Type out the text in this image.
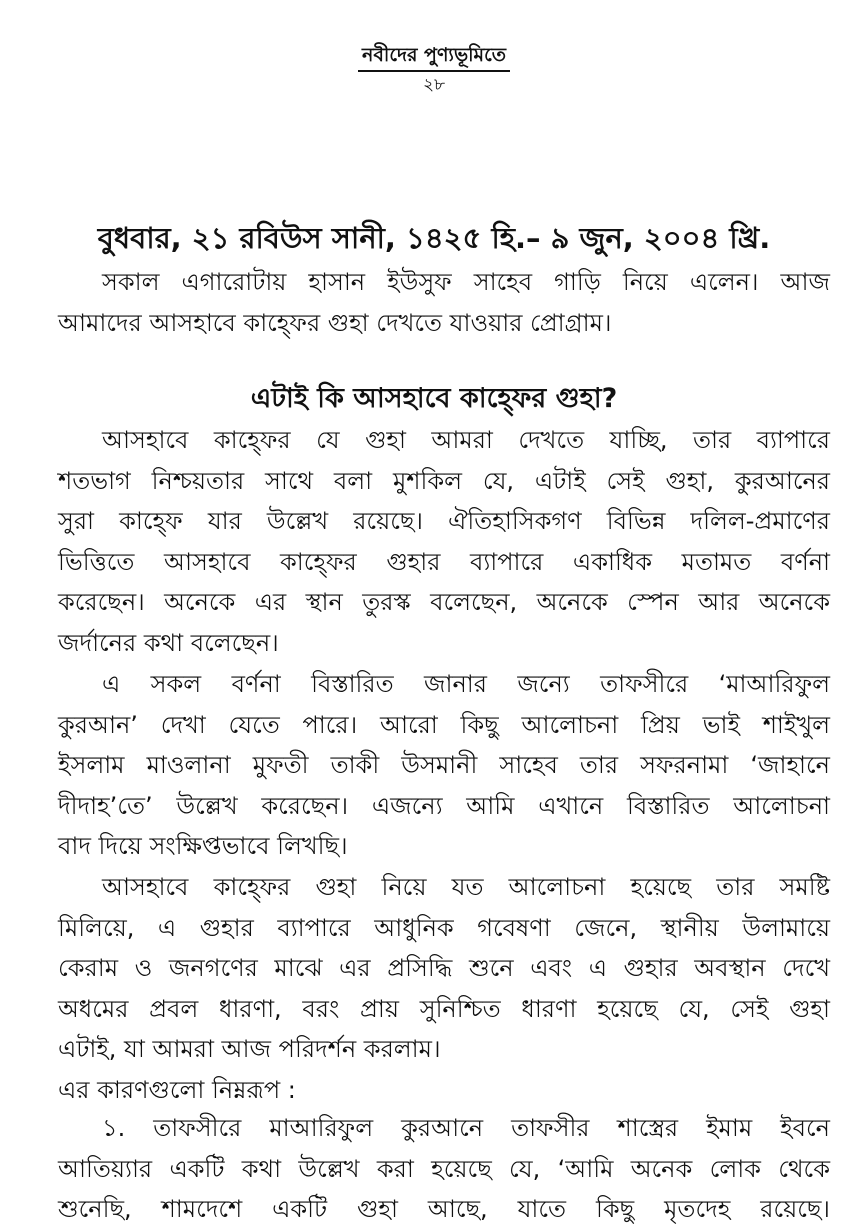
নবীদের পুণ্যভূমিতে
২৮
বুধবার, ২১ রবিউস সানী, ১৪২৫ হি.– ৯ জুন, ২০০৪ খ্রি.
সকাল এগারোটায় হাসান ইউসুফ সাহেব গাড়ি নিয়ে এলেন। আজ
আমাদের আসহাবে কাহ্ফের গুহা দেখতে যাওয়ার প্রোগ্রাম।
এটাই কি আসহাবে কাহ্ফের গুহা?
আসহাবে কাহ্ফের যে গুহা আমরা দেখতে যাচ্ছি, তার ব্যাপারে
শতভাগ নিশ্চয়তার সাথে বলা মুশকিল যে, এটাই সেই গুহা, কুরআনের
সুরা কাহ্ফে যার উল্লেখ রয়েছে। ঐতিহাসিকগণ বিভিন্ন দলিল-প্রমাণের
ভিত্তিতে আসহাবে কাহ্ফের গুহার ব্যাপারে একাধিক মতামত বর্ণনা
করেছেন। অনেকে এর স্থান তুরস্ক বলেছেন, অনেকে স্পেন আর অনেকে
জর্দানের কথা বলেছেন।
এ সকল বর্ণনা বিস্তারিত জানার জন্যে তাফসীরে ‘মাআরিফুল
কুরআন’ দেখা যেতে পারে। আরো কিছু আলোচনা প্রিয় ভাই শাইখুল
ইসলাম মাওলানা মুফতী তাকী উসমানী সাহেব তার সফরনামা ‘জাহানে
দীদাহ’তে’ উল্লেখ করেছেন। এজন্যে আমি এখানে বিস্তারিত আলোচনা
বাদ দিয়ে সংক্ষিপ্তভাবে লিখছি।
আসহাবে কাহ্ফের গুহা নিয়ে যত আলোচনা হয়েছে তার সমষ্টি
মিলিয়ে, এ গুহার ব্যাপারে আধুনিক গবেষণা জেনে, স্থানীয় উলামায়ে
কেরাম ও জনগণের মাঝে এর প্রসিদ্ধি শুনে এবং এ গুহার অবস্থান দেখে
অধমের প্রবল ধারণা, বরং প্রায় সুনিশ্চিত ধারণা হয়েছে যে, সেই গুহা
এটাই, যা আমরা আজ পরিদর্শন করলাম।
এর কারণগুলো নিম্নরূপ :
১. তাফসীরে মাআরিফুল কুরআনে তাফসীর শাস্ত্রের ইমাম ইবনে
আতিয়্যার একটি কথা উল্লেখ করা হয়েছে যে, ‘আমি অনেক লোক থেকে
শুনেছি, শামদেশে একটি গুহা আছে, যাতে কিছু মৃতদেহ রয়েছে।
